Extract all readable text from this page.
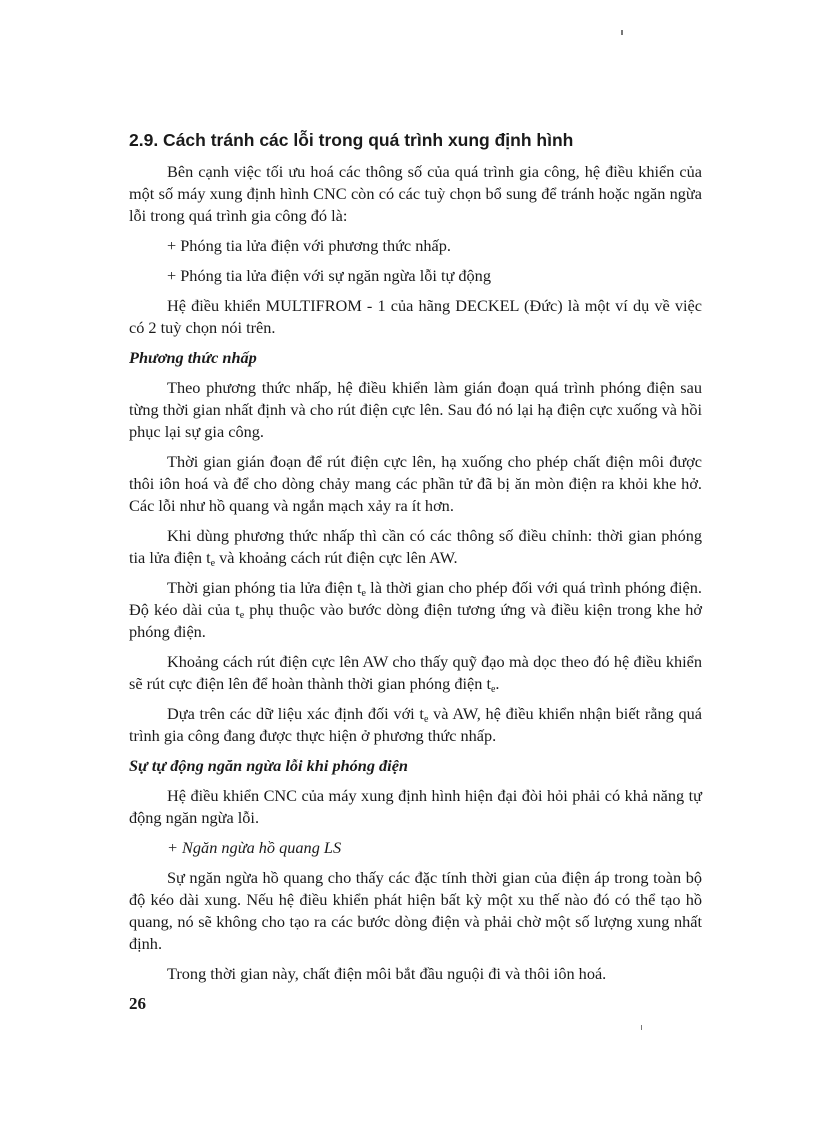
2.9. Cách tránh các lỗi trong quá trình xung định hình

Bên cạnh việc tối ưu hoá các thông số của quá trình gia công, hệ điều khiển của một số máy xung định hình CNC còn có các tuỳ chọn bổ sung để tránh hoặc ngăn ngừa lỗi trong quá trình gia công đó là:

+ Phóng tia lửa điện với phương thức nhấp.

+ Phóng tia lửa điện với sự ngăn ngừa lỗi tự động

Hệ điều khiển MULTIFROM - 1 của hãng DECKEL (Đức) là một ví dụ về việc có 2 tuỳ chọn nói trên.

Phương thức nhấp

Theo phương thức nhấp, hệ điều khiển làm gián đoạn quá trình phóng điện sau từng thời gian nhất định và cho rút điện cực lên. Sau đó nó lại hạ điện cực xuống và hồi phục lại sự gia công.

Thời gian gián đoạn để rút điện cực lên, hạ xuống cho phép chất điện môi được thôi iôn hoá và để cho dòng chảy mang các phần tử đã bị ăn mòn điện ra khỏi khe hở. Các lỗi như hồ quang và ngắn mạch xảy ra ít hơn.

Khi dùng phương thức nhấp thì cần có các thông số điều chỉnh: thời gian phóng tia lửa điện $t_e$ và khoảng cách rút điện cực lên AW.

Thời gian phóng tia lửa điện $t_e$ là thời gian cho phép đối với quá trình phóng điện. Độ kéo dài của $t_e$ phụ thuộc vào bước dòng điện tương ứng và điều kiện trong khe hở phóng điện.

Khoảng cách rút điện cực lên AW cho thấy quỹ đạo mà dọc theo đó hệ điều khiển sẽ rút cực điện lên để hoàn thành thời gian phóng điện $t_e$.

Dựa trên các dữ liệu xác định đối với $t_e$ và AW, hệ điều khiển nhận biết rằng quá trình gia công đang được thực hiện ở phương thức nhấp.

Sự tự động ngăn ngừa lỗi khi phóng điện

Hệ điều khiển CNC của máy xung định hình hiện đại đòi hỏi phải có khả năng tự động ngăn ngừa lỗi.

+ Ngăn ngừa hồ quang LS

Sự ngăn ngừa hồ quang cho thấy các đặc tính thời gian của điện áp trong toàn bộ độ kéo dài xung. Nếu hệ điều khiển phát hiện bất kỳ một xu thế nào đó có thể tạo hồ quang, nó sẽ không cho tạo ra các bước dòng điện và phải chờ một số lượng xung nhất định.

Trong thời gian này, chất điện môi bắt đầu nguội đi và thôi iôn hoá.

26
